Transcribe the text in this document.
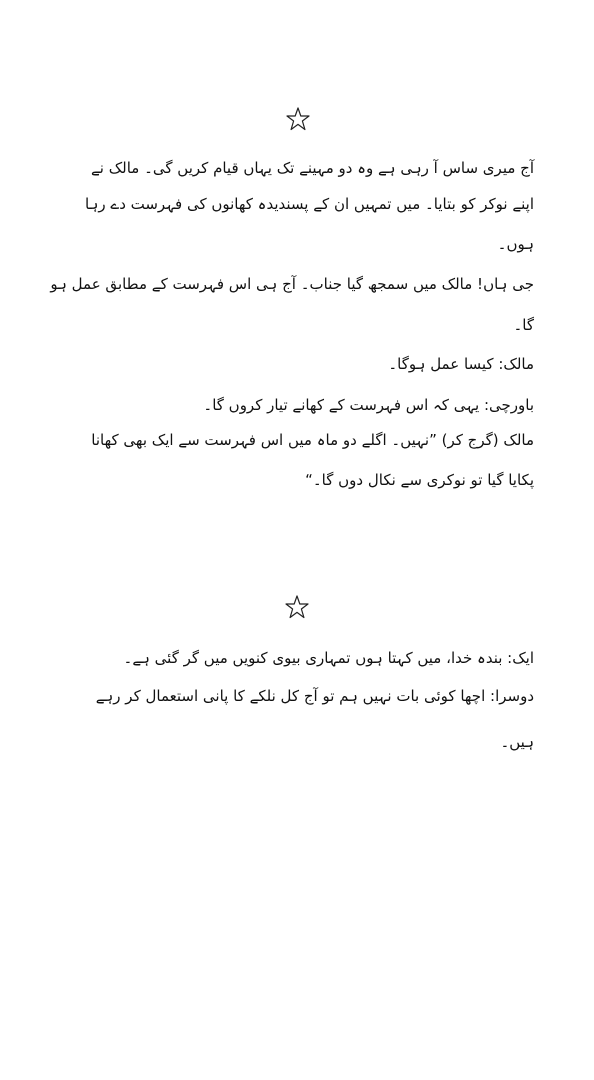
آج میری ساس آ رہی ہے وہ دو مہینے تک یہاں قیام کریں گی۔ مالک نے
اپنے نوکر کو بتایا۔ میں تمہیں ان کے پسندیدہ کھانوں کی فہرست دے رہا
ہوں۔
جی ہاں! مالک میں سمجھ گیا جناب۔ آج ہی اس فہرست کے مطابق عمل ہو
گا۔
مالک: کیسا عمل ہوگا۔
باورچی: یہی کہ اس فہرست کے کھانے تیار کروں گا۔
مالک (گرج کر) ”نہیں۔ اگلے دو ماہ میں اس فہرست سے ایک بھی کھانا
پکایا گیا تو نوکری سے نکال دوں گا۔“
ایک: بندہ خدا، میں کہتا ہوں تمہاری بیوی کنویں میں گر گئی ہے۔
دوسرا: اچھا کوئی بات نہیں ہم تو آج کل نلکے کا پانی استعمال کر رہے
ہیں۔
